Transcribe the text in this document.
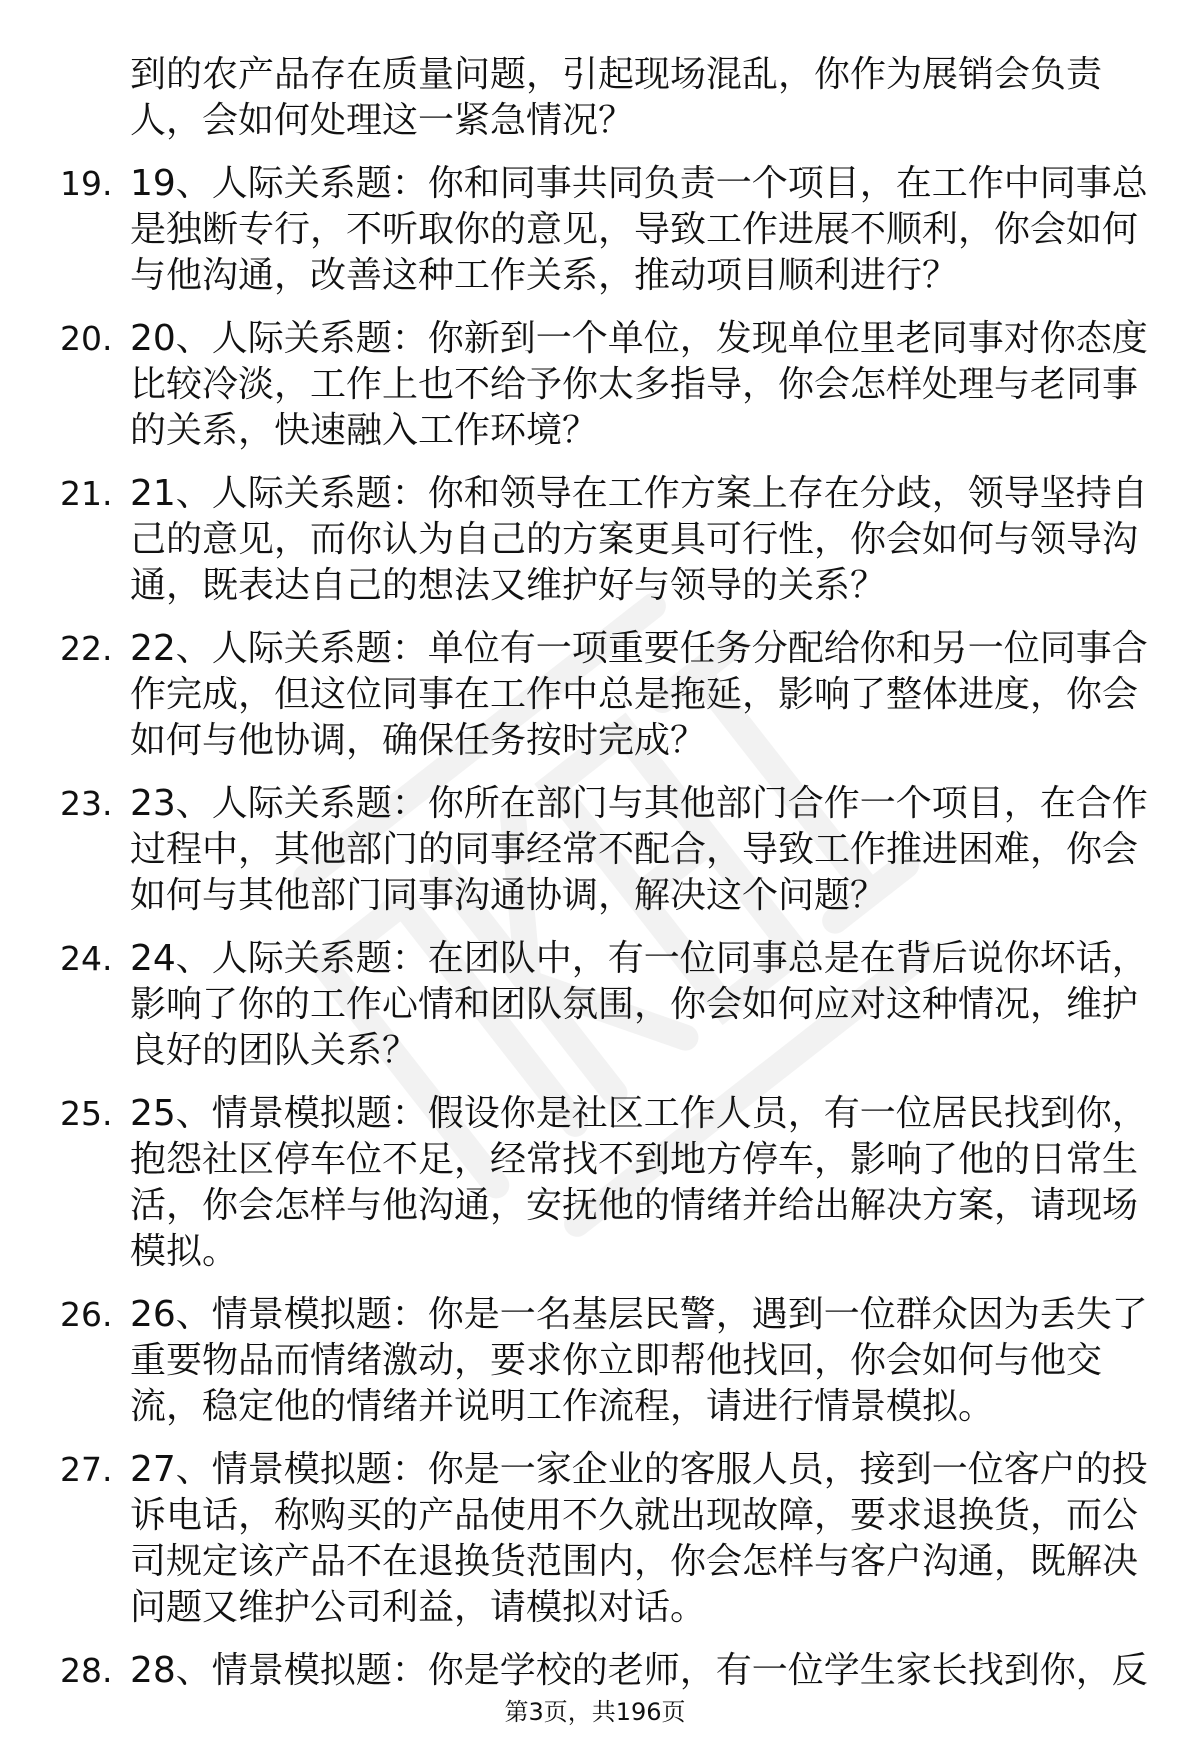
到的农产品存在质量问题，引起现场混乱，你作为展销会负责人，会如何处理这一紧急情况？
19. 19、人际关系题：你和同事共同负责一个项目，在工作中同事总是独断专行，不听取你的意见，导致工作进展不顺利，你会如何与他沟通，改善这种工作关系，推动项目顺利进行？
20. 20、人际关系题：你新到一个单位，发现单位里老同事对你态度比较冷淡，工作上也不给予你太多指导，你会怎样处理与老同事的关系，快速融入工作环境？
21. 21、人际关系题：你和领导在工作方案上存在分歧，领导坚持自己的意见，而你认为自己的方案更具可行性，你会如何与领导沟通，既表达自己的想法又维护好与领导的关系？
22. 22、人际关系题：单位有一项重要任务分配给你和另一位同事合作完成，但这位同事在工作中总是拖延，影响了整体进度，你会如何与他协调，确保任务按时完成？
23. 23、人际关系题：你所在部门与其他部门合作一个项目，在合作过程中，其他部门的同事经常不配合，导致工作推进困难，你会如何与其他部门同事沟通协调，解决这个问题？
24. 24、人际关系题：在团队中，有一位同事总是在背后说你坏话，影响了你的工作心情和团队氛围，你会如何应对这种情况，维护良好的团队关系？
25. 25、情景模拟题：假设你是社区工作人员，有一位居民找到你，抱怨社区停车位不足，经常找不到地方停车，影响了他的日常生活，你会怎样与他沟通，安抚他的情绪并给出解决方案，请现场模拟。
26. 26、情景模拟题：你是一名基层民警，遇到一位群众因为丢失了重要物品而情绪激动，要求你立即帮他找回，你会如何与他交流，稳定他的情绪并说明工作流程，请进行情景模拟。
27. 27、情景模拟题：你是一家企业的客服人员，接到一位客户的投诉电话，称购买的产品使用不久就出现故障，要求退换货，而公司规定该产品不在退换货范围内，你会怎样与客户沟通，既解决问题又维护公司利益，请模拟对话。
28. 28、情景模拟题：你是学校的老师，有一位学生家长找到你，反
第3页，共196页
